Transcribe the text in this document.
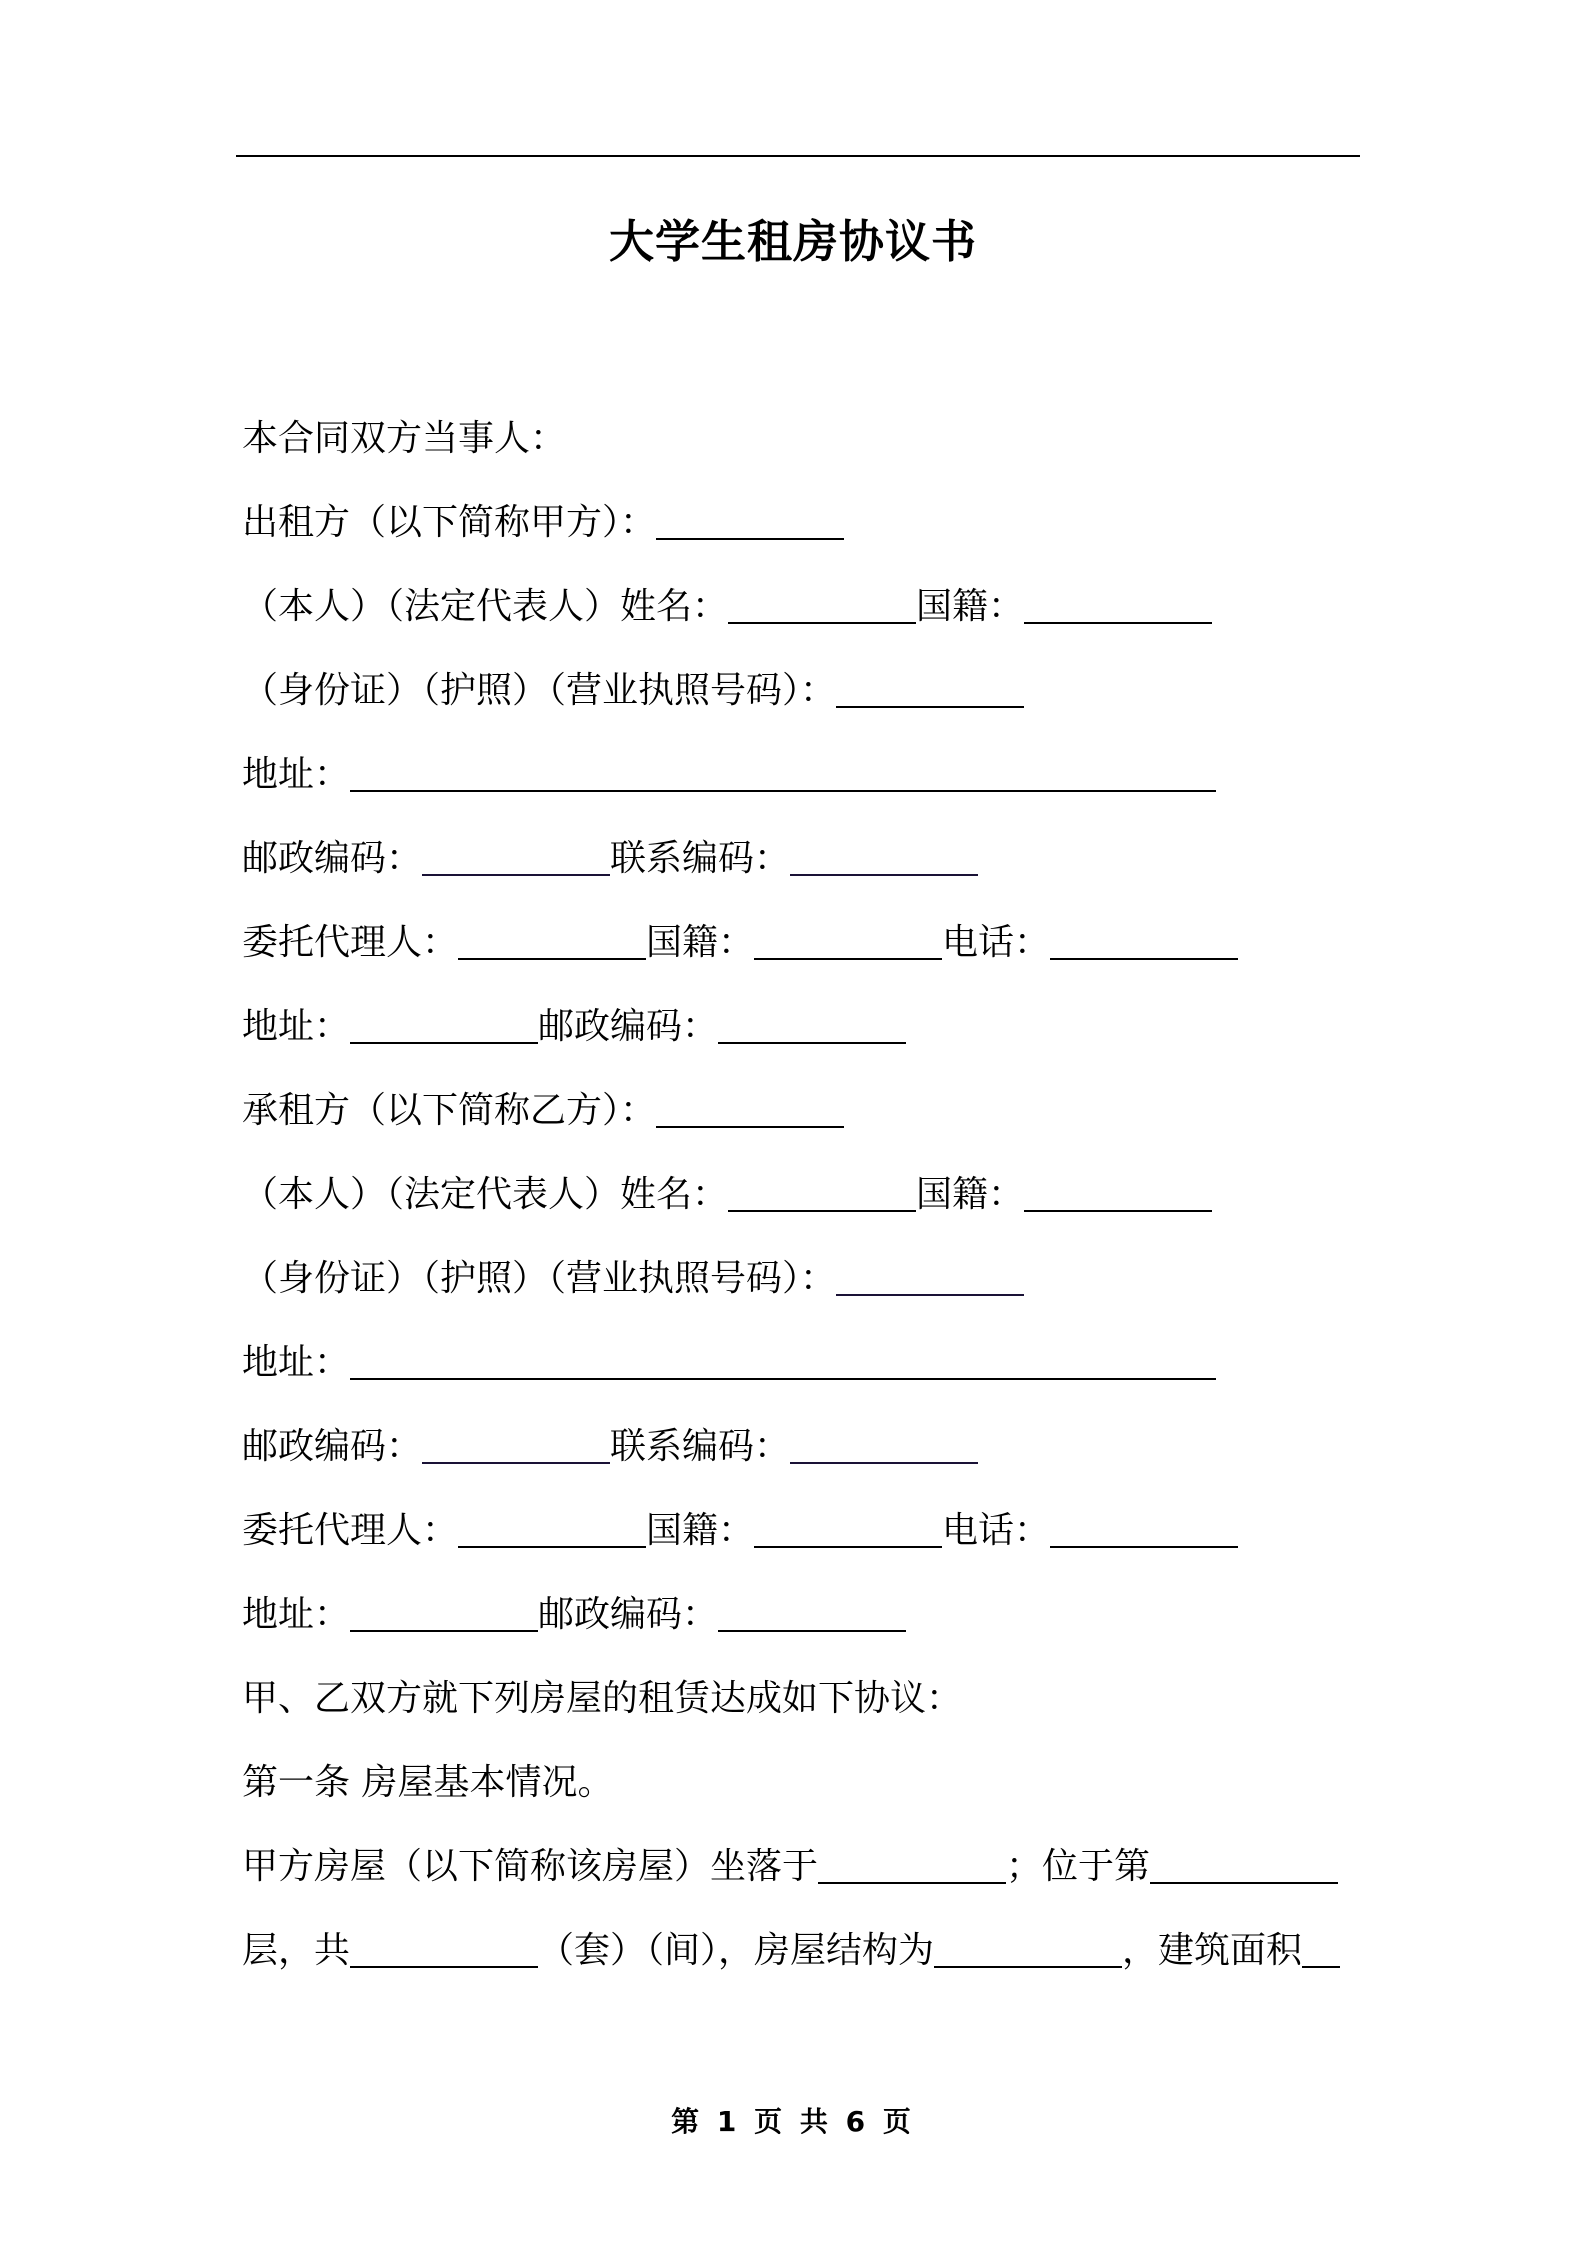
大学生租房协议书
本合同双方当事人：
出租方（以下简称甲方）：
（本人）（法定代表人）姓名：	国籍：
（身份证）（护照）（营业执照号码）：
地址：
邮政编码：	联系编码：
委托代理人：	国籍：	电话：
地址：	邮政编码：
承租方（以下简称乙方）：
（本人）（法定代表人）姓名：	国籍：
（身份证）（护照）（营业执照号码）：
地址：
邮政编码：	联系编码：
委托代理人：	国籍：	电话：
地址：	邮政编码：
甲、乙双方就下列房屋的租赁达成如下协议：
第一条 房屋基本情况。
甲方房屋（以下简称该房屋）坐落于	；位于第
层，共	（套）（间），房屋结构为	，建筑面积
第 1 页 共 6 页
